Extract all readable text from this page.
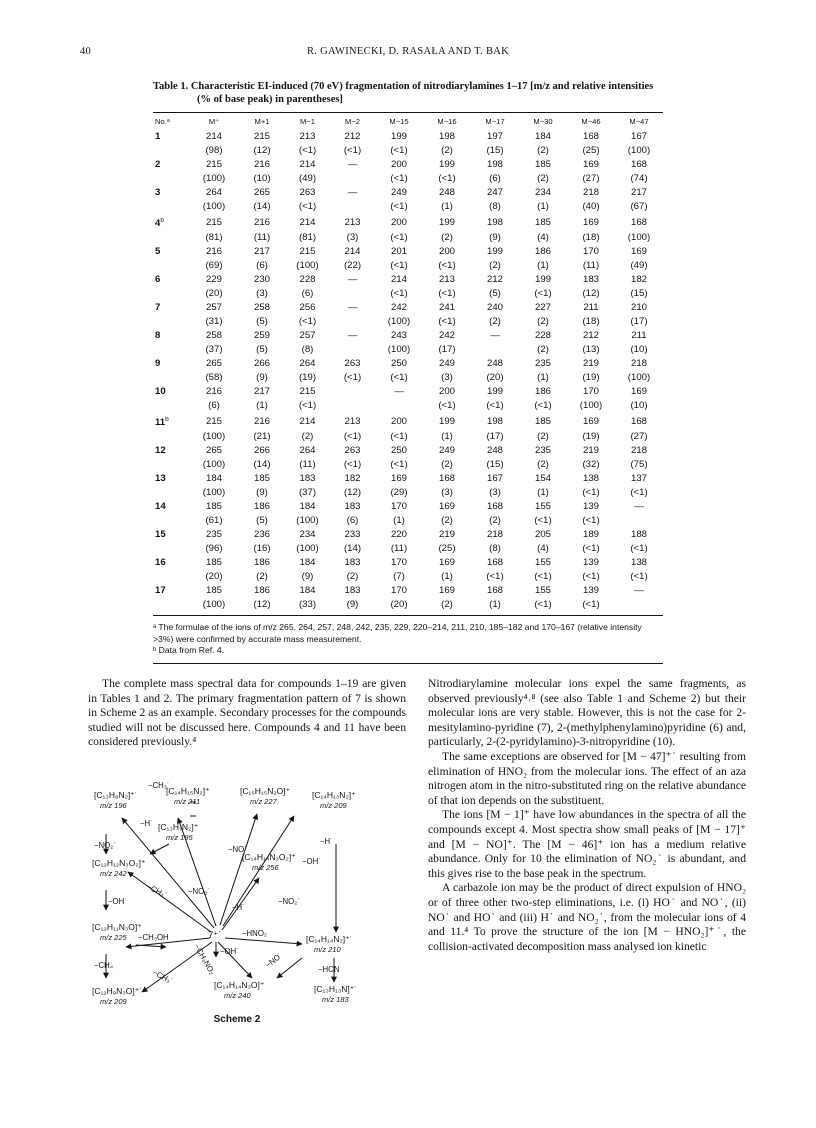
40	R. GAWINECKI, D. RASAŁA AND T. BAK
Table 1. Characteristic EI-induced (70 eV) fragmentation of nitrodiarylamines 1–17 [m/z and relative intensities (% of base peak) in parentheses]
No.ᵃ	M⁺	M+1	M−1	M−2	M−15	M−16	M−17	M−30	M−46	M−47
1	214	215	213	212	199	198	197	184	168	167
	(98)	(12)	(<1)	(<1)	(<1)	(2)	(15)	(2)	(25)	(100)
2	215	216	214	—	200	199	198	185	169	168
	(100)	(10)	(49)		(<1)	(<1)	(6)	(2)	(27)	(74)
3	264	265	263	—	249	248	247	234	218	217
	(100)	(14)	(<1)		(<1)	(1)	(8)	(1)	(40)	(67)
4$^b$	215	216	214	213	200	199	198	185	169	168
	(81)	(11)	(81)	(3)	(<1)	(2)	(9)	(4)	(18)	(100)
5	216	217	215	214	201	200	199	186	170	169
	(69)	(6)	(100)	(22)	(<1)	(<1)	(2)	(1)	(11)	(49)
6	229	230	228	—	214	213	212	199	183	182
	(20)	(3)	(6)		(<1)	(<1)	(5)	(<1)	(12)	(15)
7	257	258	256	—	242	241	240	227	211	210
	(31)	(5)	(<1)		(100)	(<1)	(2)	(2)	(18)	(17)
8	258	259	257	—	243	242	—	228	212	211
	(37)	(5)	(8)		(100)	(17)		(2)	(13)	(10)
9	265	266	264	263	250	249	248	235	219	218
	(58)	(9)	(19)	(<1)	(<1)	(3)	(20)	(1)	(19)	(100)
10	216	217	215		—	200	199	186	170	169
	(6)	(1)	(<1)			(<1)	(<1)	(<1)	(100)	(10)
11$^b$	215	216	214	213	200	199	198	185	169	168
	(100)	(21)	(2)	(<1)	(<1)	(1)	(17)	(2)	(19)	(27)
12	265	266	264	263	250	249	248	235	219	218
	(100)	(14)	(11)	(<1)	(<1)	(2)	(15)	(2)	(32)	(75)
13	184	185	183	182	169	168	167	154	138	137
	(100)	(9)	(37)	(12)	(29)	(3)	(3)	(1)	(<1)	(<1)
14	185	186	184	183	170	169	168	155	139	—
	(61)	(5)	(100)	(6)	(1)	(2)	(2)	(<1)	(<1)	
15	235	236	234	233	220	219	218	205	189	188
	(96)	(16)	(100)	(14)	(11)	(25)	(8)	(4)	(<1)	(<1)
16	185	186	184	183	170	169	168	155	139	138
	(20)	(2)	(9)	(2)	(7)	(1)	(<1)	(<1)	(<1)	(<1)
17	185	186	184	183	170	169	168	155	139	—
	(100)	(12)	(33)	(9)	(20)	(2)	(1)	(<1)	(<1)	

ᵃ The formulae of the ions of m/z 265, 264, 257, 248, 242, 235, 229, 220–214, 211, 210, 185–182 and 170–167 (relative intensity >3%) were confirmed by accurate mass measurement.

ᵇ Data from Ref. 4.

The complete mass spectral data for compounds 1–19 are given in Tables 1 and 2. The primary fragmentation pattern of 7 is shown in Scheme 2 as an example. Secondary processes for the compounds studied will not be discussed here. Compounds 4 and 11 have been considered previously.⁴

[C₁₃H₈N₂]⁺˙
m/z 196
[C₁₄H₁₅N₂]⁺
m/z 211
[C₁₅H₁₅N₂O]⁺
m/z 227
[C₁₄H₁₃N₂]⁺
m/z 209
[C₁₃H₇N₂]⁺
m/z 195
[C₁₃H₁₂N₃O₂]⁺
m/z 242
[C₁₄H₁₄N₃O₂]⁺
m/z 256
[C₁₃H₁₁N₃O]⁺
m/z 225	[C₁₄H₁₄N₂]⁺˙
m/z 210
[C₁₂H₉N₃O]⁺˙
m/z 209
[C₁₄H₁₄N₃O]⁺
m/z 240
[C₁₃H₁₃N]⁺˙
m/z 183
7⁺˙
−CH₃˙
−H˙
−NO₂˙
−NO₂˙
−NO˙
−H˙
−OH˙
−OH˙
−CH₃˙
−H˙
−NO₂˙
−CH₃OH	−HNO₂
−OH˙
−CH₃NO₂
−CH₄
−CH₃˙
−NO˙	−HCN
Scheme 2

Nitrodiarylamine molecular ions expel the same fragments, as observed previously⁴˒⁸ (see also Table 1 and Scheme 2) but their molecular ions are very stable. However, this is not the case for 2-mesitylamino-pyridine (7), 2-(methylphenylamino)pyridine (6) and, particularly, 2-(2-pyridylamino)-3-nitropyridine (10).

The same exceptions are observed for [M − 47]⁺˙ resulting from elimination of HNO₂ from the molecular ions. The effect of an aza nitrogen atom in the nitro-substituted ring on the relative abundance of that ion depends on the substituent.

The ions [M − 1]⁺ have low abundances in the spectra of all the compounds except 4. Most spectra show small peaks of [M − 17]⁺ and [M − NO]⁺. The [M − 46]⁺ ion has a medium relative abundance. Only for 10 the elimination of NO₂˙ is abundant, and this gives rise to the base peak in the spectrum.

A carbazole ion may be the product of direct expulsion of HNO₂ or of three other two-step eliminations, i.e. (i) HO˙ and NO˙, (ii) NO˙ and HO˙ and (iii) H˙ and NO₂˙, from the molecular ions of 4 and 11.⁴ To prove the structure of the ion [M − HNO₂]⁺˙, the collision-activated decomposition mass analysed ion kinetic
